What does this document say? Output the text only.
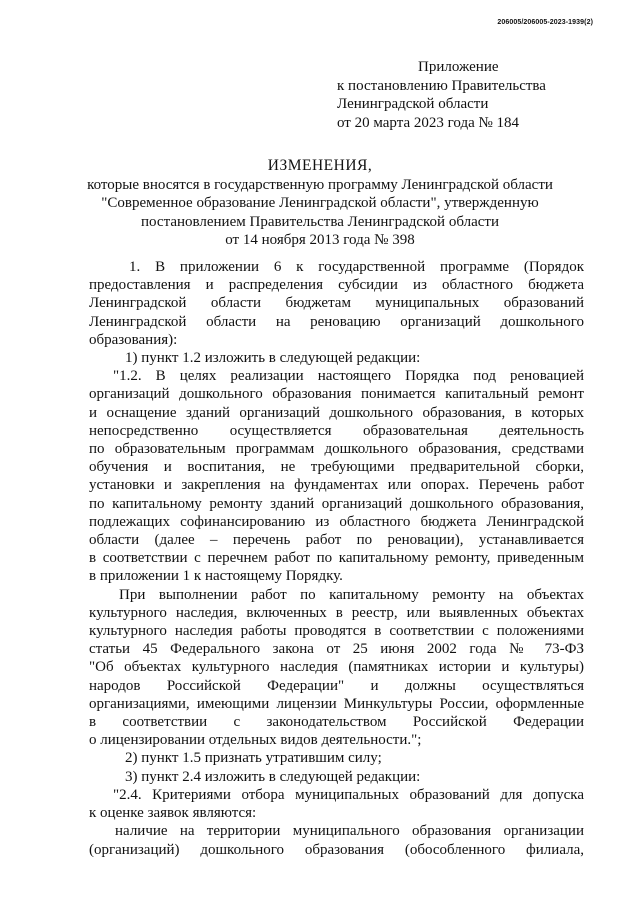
206005/206005-2023-1939(2)
Приложение
к постановлению Правительства
Ленинградской области
от 20 марта 2023 года № 184
ИЗМЕНЕНИЯ,
которые вносятся в государственную программу Ленинградской области
"Современное образование Ленинградской области", утвержденную
постановлением Правительства Ленинградской области
от 14 ноября 2013 года № 398
1. В приложении 6 к государственной программе (Порядок
предоставления и распределения субсидии из областного бюджета
Ленинградской области бюджетам муниципальных образований
Ленинградской области на реновацию организаций дошкольного
образования):
1) пункт 1.2 изложить в следующей редакции:
"1.2. В целях реализации настоящего Порядка под реновацией
организаций дошкольного образования понимается капитальный ремонт
и оснащение зданий организаций дошкольного образования, в которых
непосредственно осуществляется образовательная деятельность
по образовательным программам дошкольного образования, средствами
обучения и воспитания, не требующими предварительной сборки,
установки и закрепления на фундаментах или опорах. Перечень работ
по капитальному ремонту зданий организаций дошкольного образования,
подлежащих софинансированию из областного бюджета Ленинградской
области (далее – перечень работ по реновации), устанавливается
в соответствии с перечнем работ по капитальному ремонту, приведенным
в приложении 1 к настоящему Порядку.
При выполнении работ по капитальному ремонту на объектах
культурного наследия, включенных в реестр, или выявленных объектах
культурного наследия работы проводятся в соответствии с положениями
статьи 45 Федерального закона от 25 июня 2002 года № 73-ФЗ
"Об объектах культурного наследия (памятниках истории и культуры)
народов Российской Федерации" и должны осуществляться
организациями, имеющими лицензии Минкультуры России, оформленные
в соответствии с законодательством Российской Федерации
о лицензировании отдельных видов деятельности.";
2) пункт 1.5 признать утратившим силу;
3) пункт 2.4 изложить в следующей редакции:
"2.4. Критериями отбора муниципальных образований для допуска
к оценке заявок являются:
наличие на территории муниципального образования организации
(организаций) дошкольного образования (обособленного филиала,
